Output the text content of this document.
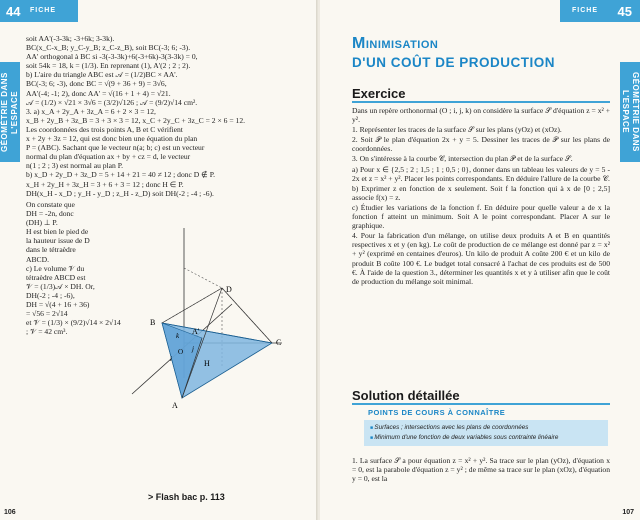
44 FICHE
GÉOMÉTRIE DANS L'ESPACE

soit AA'(-3-3k; -3+6k; 3-3k).

BC(x_C-x_B; y_C-y_B; z_C-z_B), soit BC(-3; 6; -3).

AA' orthogonal à BC si -3(-3-3k)+6(-3+6k)-3(3-3k) = 0,

soit 54k = 18, k = (1/3). En reprenant (1), A'(2 ; 2 ; 2).

b) L'aire du triangle ABC est 𝒜 = (1/2)BC × AA'.

BC(-3; 6; -3), donc BC = √(9 + 36 + 9) = 3√6,

AA'(-4; -1; 2), donc AA' = √(16 + 1 + 4) = √21.

𝒜 = (1/2) × √21 × 3√6 = (3/2)√126 ; 𝒜 = (9/2)√14 cm².

3. a) x_A + 2y_A + 3z_A = 6 + 2 × 3 = 12,

x_B + 2y_B + 3z_B = 3 + 3 × 3 = 12, x_C + 2y_C + 3z_C = 2 × 6 = 12.

Les coordonnées des trois points A, B et C vérifient

x + 2y + 3z = 12, qui est donc bien une équation du plan

P = (ABC). Sachant que le vecteur n(a; b; c) est un vecteur

normal du plan d'équation ax + by + cz = d, le vecteur

n(1 ; 2 ; 3) est normal au plan P.

b) x_D + 2y_D + 3z_D = 5 + 14 + 21 = 40 ≠ 12 ; donc D ∉ P.

x_H + 2y_H + 3z_H = 3 + 6 + 3 = 12 ; donc H ∈ P.

DH(x_H - x_D ; y_H - y_D ; z_H - z_D) soit DH(-2 ; -4 ; -6).

On constate que

DH = -2n, donc

(DH) ⊥ P.

H est bien le pied de

la hauteur issue de D

dans le tétraèdre

ABCD.

c) Le volume 𝒱 du

tétraèdre ABCD est

𝒱 = (1/3)𝒜 × DH. Or,

DH(-2 ; -4 ; -6),

DH = √(4 + 16 + 36)

= √56 = 2√14

et 𝒱 = (1/3) × (9/2)√14 × 2√14 ; 𝒱 = 42 cm³.

D
B
A'
C
H
i
j
k
O
A
> Flash bac p. 113
106
FICHE 45
GÉOMÉTRIE DANS L'ESPACE
Minimisation
D'UN COÛT DE PRODUCTION
Exercice

Dans un repère orthonormal (O ; i, j, k) on considère la surface 𝒮 d'équation z = x² + y².

1. Représenter les traces de la surface 𝒮 sur les plans (yOz) et (xOz).

2. Soit 𝒫 le plan d'équation 2x + y = 5. Dessiner les traces de 𝒫 sur les plans de coordonnées.

3. On s'intéresse à la courbe 𝒞, intersection du plan 𝒫 et de la surface 𝒮.

a) Pour x ∈ {2,5 ; 2 ; 1,5 ; 1 ; 0,5 ; 0}, donner dans un tableau les valeurs de y = 5 - 2x et z = x² + y². Placer les points correspondants. En déduire l'allure de la courbe 𝒞.

b) Exprimer z en fonction de x seulement. Soit f la fonction qui à x de [0 ; 2,5] associe f(x) = z.

c) Étudier les variations de la fonction f. En déduire pour quelle valeur a de x la fonction f atteint un minimum. Soit A le point correspondant. Placer A sur le graphique.

4. Pour la fabrication d'un mélange, on utilise deux produits A et B en quantités respectives x et y (en kg). Le coût de production de ce mélange est donné par z = x² + y² (exprimé en centaines d'euros). Un kilo de produit A coûte 200 € et un kilo de produit B coûte 100 €. Le budget total consacré à l'achat de ces produits est de 500 €. À l'aide de la question 3., déterminer les quantités x et y à utiliser afin que le coût de production du mélange soit minimal.

Solution détaillée
POINTS DE COURS À CONNAÎTRE
■ Surfaces ; intersections avec les plans de coordonnées
■ Minimum d'une fonction de deux variables sous contrainte linéaire
1. La surface 𝒮 a pour équation z = x² + y². Sa trace sur le plan (yOz), d'équation x = 0, est la parabole d'équation z = y² ; de même sa trace sur le plan (xOz), d'équation y = 0, est la
107
